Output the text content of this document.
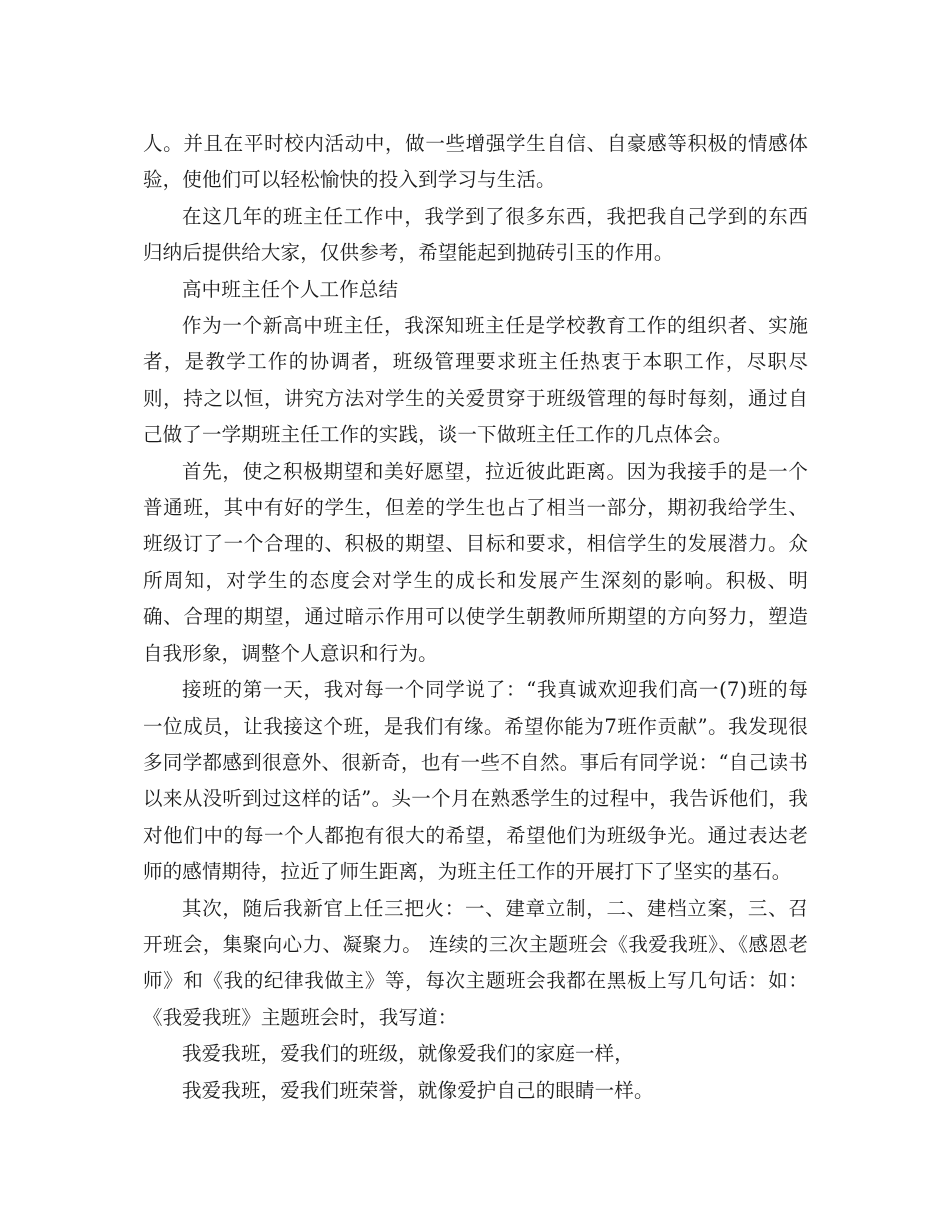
人。并且在平时校内活动中，做一些增强学生自信、自豪感等积极的情感体验，使他们可以轻松愉快的投入到学习与生活。

在这几年的班主任工作中，我学到了很多东西，我把我自己学到的东西归纳后提供给大家，仅供参考，希望能起到抛砖引玉的作用。

高中班主任个人工作总结

作为一个新高中班主任，我深知班主任是学校教育工作的组织者、实施者，是教学工作的协调者，班级管理要求班主任热衷于本职工作，尽职尽则，持之以恒，讲究方法对学生的关爱贯穿于班级管理的每时每刻，通过自己做了一学期班主任工作的实践，谈一下做班主任工作的几点体会。

首先，使之积极期望和美好愿望，拉近彼此距离。因为我接手的是一个普通班，其中有好的学生，但差的学生也占了相当一部分，期初我给学生、班级订了一个合理的、积极的期望、目标和要求，相信学生的发展潜力。众所周知，对学生的态度会对学生的成长和发展产生深刻的影响。积极、明确、合理的期望，通过暗示作用可以使学生朝教师所期望的方向努力，塑造自我形象，调整个人意识和行为。

接班的第一天，我对每一个同学说了：“我真诚欢迎我们高一(7)班的每一位成员，让我接这个班，是我们有缘。希望你能为7班作贡献”。我发现很多同学都感到很意外、很新奇，也有一些不自然。事后有同学说：“自己读书以来从没听到过这样的话”。头一个月在熟悉学生的过程中，我告诉他们，我对他们中的每一个人都抱有很大的希望，希望他们为班级争光。通过表达老师的感情期待，拉近了师生距离，为班主任工作的开展打下了坚实的基石。

其次，随后我新官上任三把火：一、建章立制，二、建档立案，三、召开班会，集聚向心力、凝聚力。 连续的三次主题班会《我爱我班》、《感恩老师》和《我的纪律我做主》等，每次主题班会我都在黑板上写几句话：如：《我爱我班》主题班会时，我写道：

我爱我班，爱我们的班级，就像爱我们的家庭一样，

我爱我班，爱我们班荣誉，就像爱护自己的眼睛一样。
